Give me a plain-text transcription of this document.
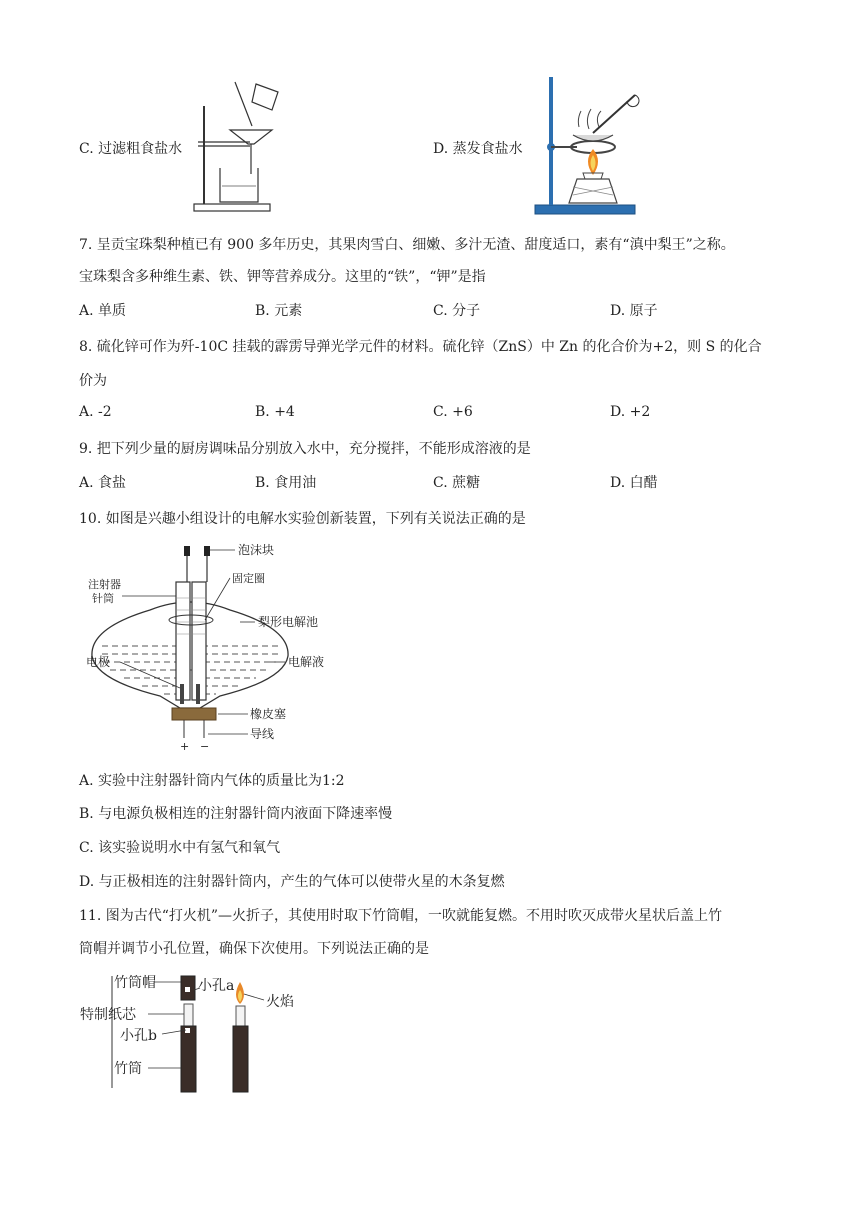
C. 过滤粗食盐水	D. 蒸发食盐水
7. 呈贡宝珠梨种植已有 900 多年历史，其果肉雪白、细嫩、多汁无渣、甜度适口，素有“滇中梨王”之称。
宝珠梨含多种维生素、铁、钾等营养成分。这里的“铁”，“钾”是指
A. 单质	B. 元素	C. 分子	D. 原子
8. 硫化锌可作为歼-10C 挂载的霹雳导弹光学元件的材料。硫化锌（ZnS）中 Zn 的化合价为+2，则 S 的化合
价为
A. -2	B. +4	C. +6	D. +2
9. 把下列少量的厨房调味品分别放入水中，充分搅拌，不能形成溶液的是
A. 食盐	B. 食用油	C. 蔗糖	D. 白醋
10. 如图是兴趣小组设计的电解水实验创新装置，下列有关说法正确的是
泡沫块
注射器
针筒
固定圈
梨形电解池
电极	电解液
橡皮塞
导线
+ −
A. 实验中注射器针筒内气体的质量比为1:2
B. 与电源负极相连的注射器针筒内液面下降速率慢
C. 该实验说明水中有氢气和氧气
D. 与正极相连的注射器针筒内，产生的气体可以使带火星的木条复燃
11. 图为古代“打火机”—火折子，其使用时取下竹筒帽，一吹就能复燃。不用时吹灭成带火星状后盖上竹
筒帽并调节小孔位置，确保下次使用。下列说法正确的是
竹筒帽	小孔a
火焰
特制纸芯
小孔b
竹筒
